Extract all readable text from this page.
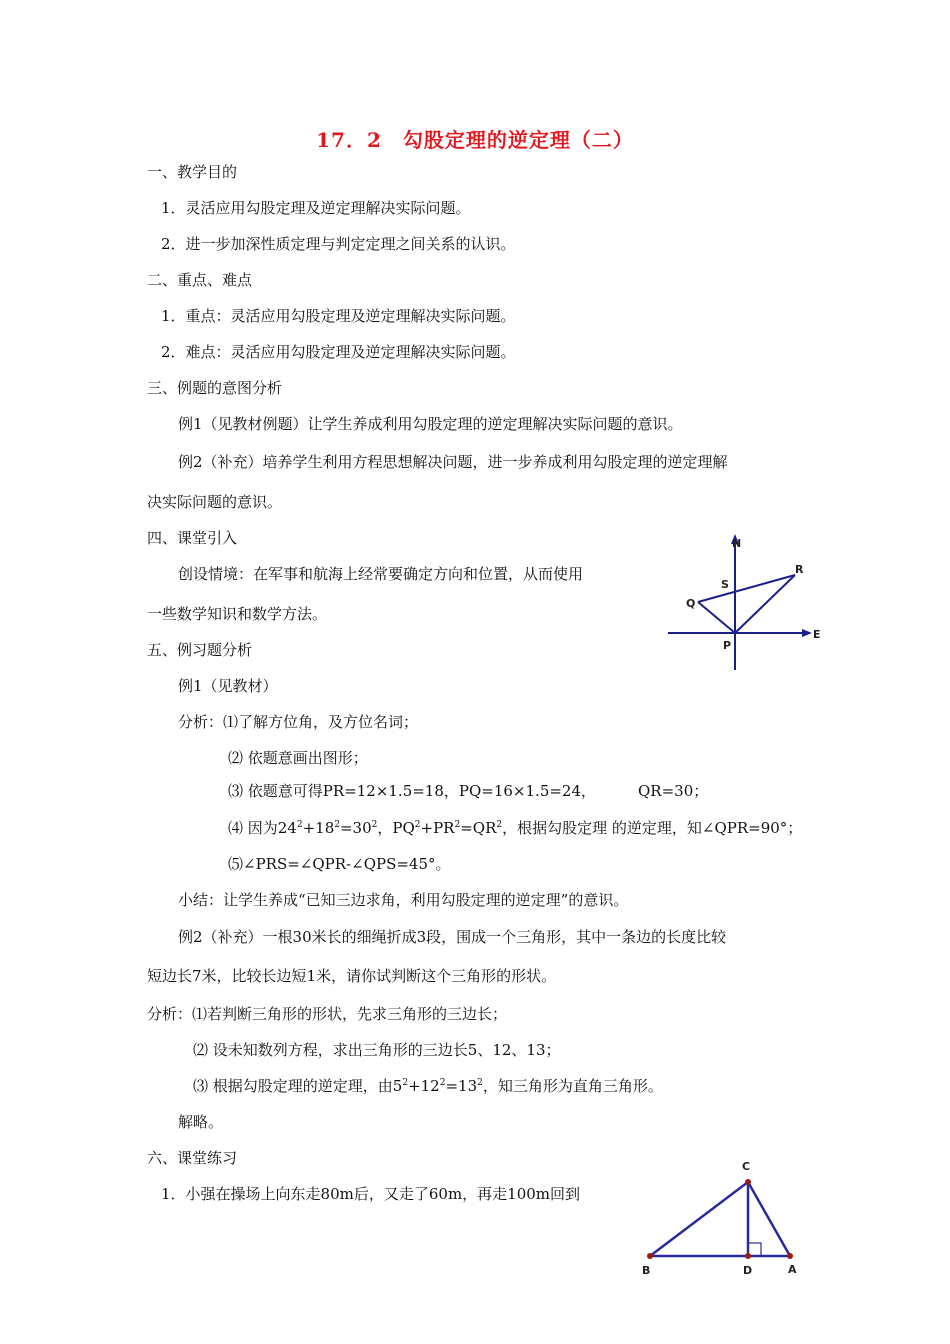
17．2　勾股定理的逆定理（二）
一、教学目的
1．灵活应用勾股定理及逆定理解决实际问题。
2．进一步加深性质定理与判定定理之间关系的认识。
二、重点、难点
1．重点：灵活应用勾股定理及逆定理解决实际问题。
2．难点：灵活应用勾股定理及逆定理解决实际问题。
三、例题的意图分析
例1（见教材例题）让学生养成利用勾股定理的逆定理解决实际问题的意识。
例2（补充）培养学生利用方程思想解决问题，进一步养成利用勾股定理的逆定理解
决实际问题的意识。
四、课堂引入
创设情境：在军事和航海上经常要确定方向和位置，从而使用
一些数学知识和数学方法。
N
R
S
Q
P
E
五、例习题分析
例1（见教材）
分析：⑴了解方位角，及方位名词；
⑵ 依题意画出图形；
⑶ 依题意可得PR=12×1.5=18，PQ=16×1.5=24，	QR=30；
⑷ 因为$24^2+18^2=30^2$，$PQ^2+PR^2=QR^2$，根据勾股定理 的逆定理，知∠QPR=90°；
⑸∠PRS=∠QPR-∠QPS=45°。
小结：让学生养成“已知三边求角，利用勾股定理的逆定理”的意识。
例2（补充）一根30米长的细绳折成3段，围成一个三角形，其中一条边的长度比较
短边长7米，比较长边短1米，请你试判断这个三角形的形状。
分析：⑴若判断三角形的形状，先求三角形的三边长；
⑵ 设未知数列方程，求出三角形的三边长5、12、13；
⑶ 根据勾股定理的逆定理，由$5^2+12^2=13^2$，知三角形为直角三角形。
解略。
六、课堂练习
1．小强在操场上向东走80m后，又走了60m，再走100m回到
C
B	D	A
